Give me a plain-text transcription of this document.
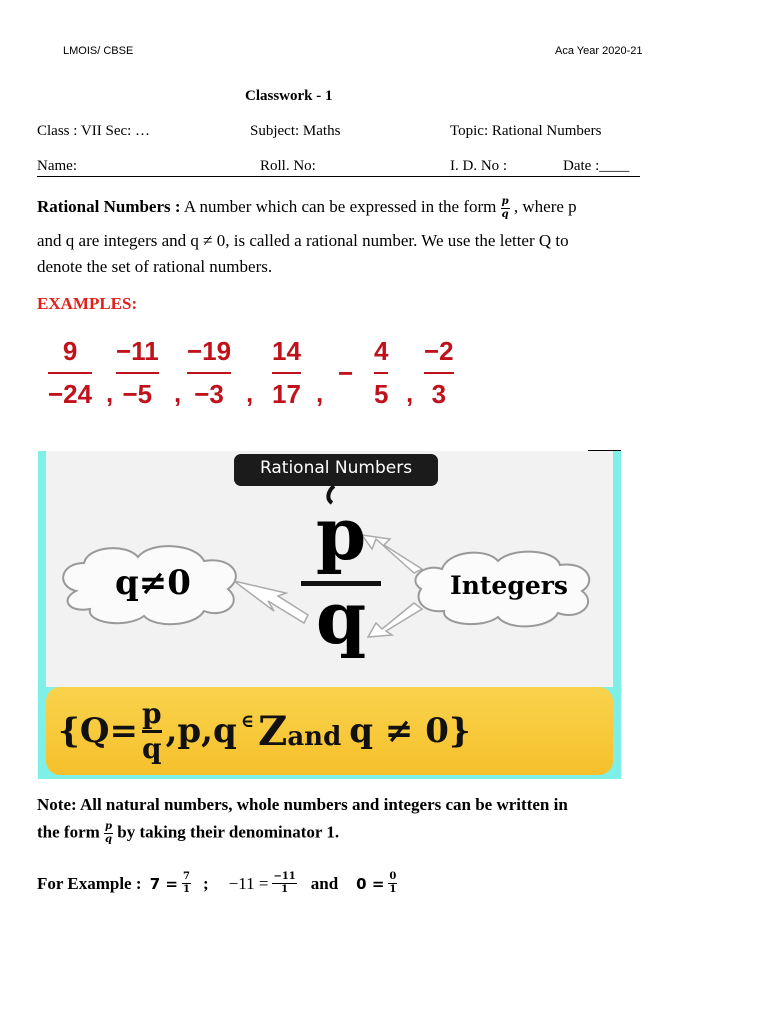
LMOIS/ CBSE	Aca Year 2020-21
Classwork - 1
Class : VII Sec: …	Subject: Maths	Topic: Rational Numbers
Name:	Roll. No:	I. D. No :	Date :____
Rational Numbers : A number which can be expressed in the form $\frac{p}{q}$ , where p
and q are integers and q ≠ 0, is called a rational number. We use the letter Q to
denote the set of rational numbers.
EXAMPLES:
9
−24 ,
−11
−5 ,
−19
−3 ,
14
17 ,
−
4
5 ,
−2
3
Rational Numbers
p
q
q≠0	Integers
{Q= p
q ,p,q ∈ Z and q ≠ 0}
Note: All natural numbers, whole numbers and integers can be written in
the form $\frac{p}{q}$ by taking their denominator 1.
For Example : $7 = \frac{7}{1}$ ; $-11 = \frac{-11}{1}$ and $0 = \frac{0}{1}$
